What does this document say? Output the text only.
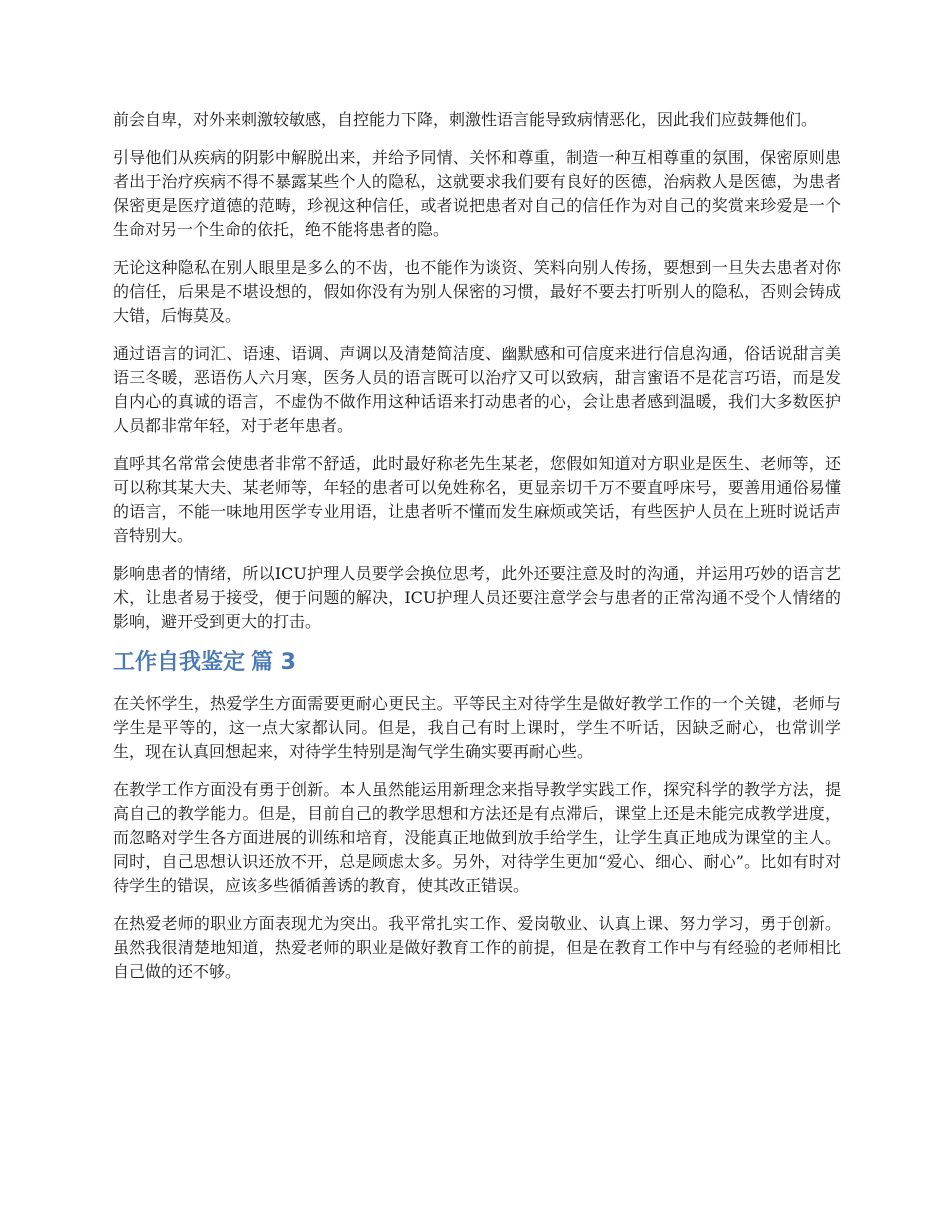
前会自卑，对外来刺激较敏感，自控能力下降，刺激性语言能导致病情恶化，因此我们应鼓舞他们。

引导他们从疾病的阴影中解脱出来，并给予同情、关怀和尊重，制造一种互相尊重的氛围，保密原则患者出于治疗疾病不得不暴露某些个人的隐私，这就要求我们要有良好的医德，治病救人是医德，为患者保密更是医疗道德的范畴，珍视这种信任，或者说把患者对自己的信任作为对自己的奖赏来珍爱是一个生命对另一个生命的依托，绝不能将患者的隐。

无论这种隐私在别人眼里是多么的不齿，也不能作为谈资、笑料向别人传扬，要想到一旦失去患者对你的信任，后果是不堪设想的，假如你没有为别人保密的习惯，最好不要去打听别人的隐私，否则会铸成大错，后悔莫及。

通过语言的词汇、语速、语调、声调以及清楚简洁度、幽默感和可信度来进行信息沟通，俗话说甜言美语三冬暖，恶语伤人六月寒，医务人员的语言既可以治疗又可以致病，甜言蜜语不是花言巧语，而是发自内心的真诚的语言，不虚伪不做作用这种话语来打动患者的心，会让患者感到温暖，我们大多数医护人员都非常年轻，对于老年患者。

直呼其名常常会使患者非常不舒适，此时最好称老先生某老，您假如知道对方职业是医生、老师等，还可以称其某大夫、某老师等，年轻的患者可以免姓称名，更显亲切千万不要直呼床号，要善用通俗易懂的语言，不能一味地用医学专业用语，让患者听不懂而发生麻烦或笑话，有些医护人员在上班时说话声音特别大。

影响患者的情绪，所以ICU护理人员要学会换位思考，此外还要注意及时的沟通，并运用巧妙的语言艺术，让患者易于接受，便于问题的解决，ICU护理人员还要注意学会与患者的正常沟通不受个人情绪的影响，避开受到更大的打击。

工作自我鉴定 篇 3

在关怀学生，热爱学生方面需要更耐心更民主。平等民主对待学生是做好教学工作的一个关键，老师与学生是平等的，这一点大家都认同。但是，我自己有时上课时，学生不听话，因缺乏耐心，也常训学生，现在认真回想起来，对待学生特别是淘气学生确实要再耐心些。

在教学工作方面没有勇于创新。本人虽然能运用新理念来指导教学实践工作，探究科学的教学方法，提高自己的教学能力。但是，目前自己的教学思想和方法还是有点滞后，课堂上还是未能完成教学进度，而忽略对学生各方面进展的训练和培育，没能真正地做到放手给学生，让学生真正地成为课堂的主人。同时，自己思想认识还放不开，总是顾虑太多。另外，对待学生更加“爱心、细心、耐心”。比如有时对待学生的错误，应该多些循循善诱的教育，使其改正错误。

在热爱老师的职业方面表现尤为突出。我平常扎实工作、爱岗敬业、认真上课、努力学习，勇于创新。虽然我很清楚地知道，热爱老师的职业是做好教育工作的前提，但是在教育工作中与有经验的老师相比自己做的还不够。
